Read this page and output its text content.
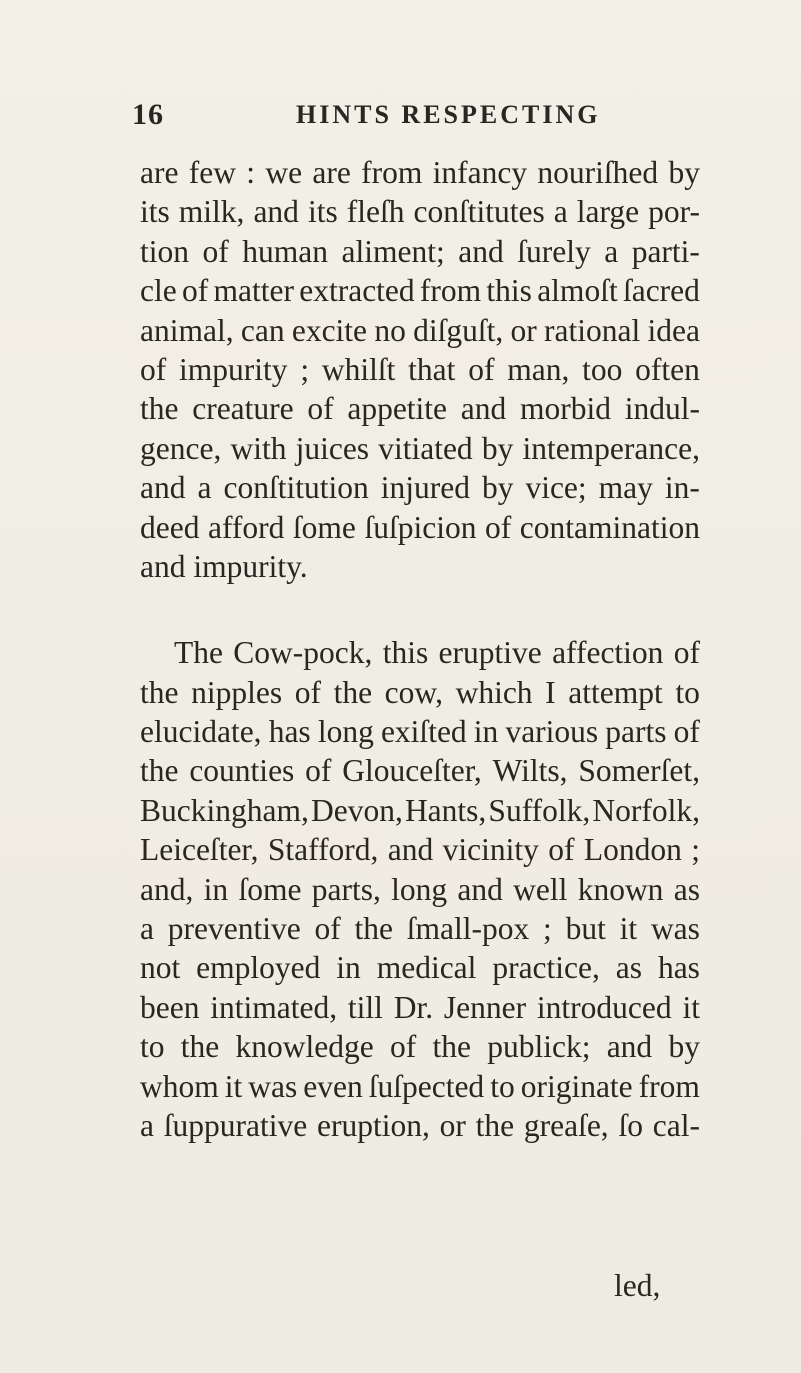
16	HINTS RESPECTING
are few : we are from infancy nouriſhed by
its milk, and its fleſh conſtitutes a large por-
tion of human aliment; and ſurely a parti-
cle of matter extracted from this almoſt ſacred
animal, can excite no diſguſt, or rational idea
of impurity ; whilſt that of man, too often
the creature of appetite and morbid indul-
gence, with juices vitiated by intemperance,
and a conſtitution injured by vice; may in-
deed afford ſome ſuſpicion of contamination
and impurity.
The Cow-pock, this eruptive affection of
the nipples of the cow, which I attempt to
elucidate, has long exiſted in various parts of
the counties of Glouceſter, Wilts, Somerſet,
Buckingham, Devon, Hants, Suffolk, Norfolk,
Leiceſter, Stafford, and vicinity of London ;
and, in ſome parts, long and well known as
a preventive of the ſmall-pox ; but it was
not employed in medical practice, as has
been intimated, till Dr. Jenner introduced it
to the knowledge of the publick; and by
whom it was even ſuſpected to originate from
a ſuppurative eruption, or the greaſe, ſo cal-
led,
